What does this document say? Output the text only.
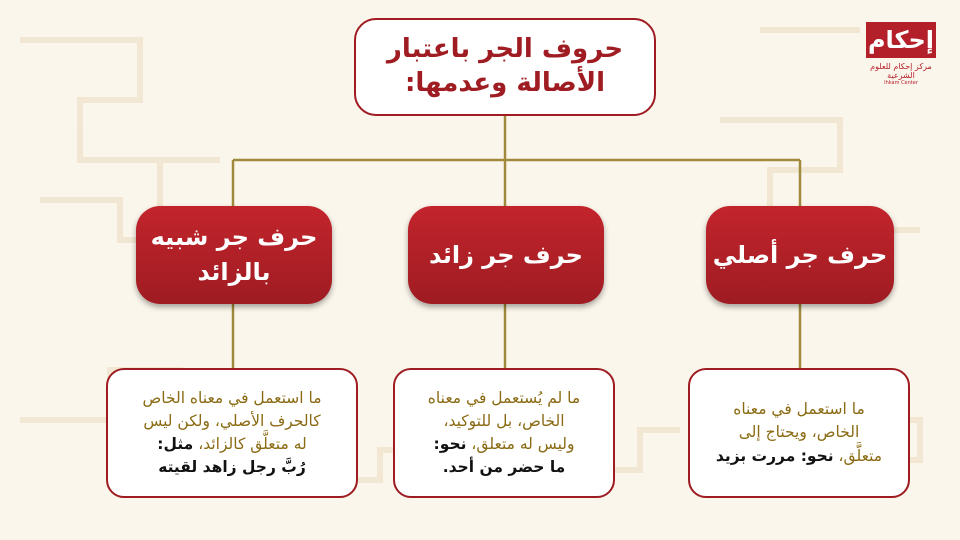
حروف الجر باعتبار
الأصالة وعدمها:
حرف جر أصلي
حرف جر زائد
حرف جر شبيه
بالزائد
ما استعمل في معناه
الخاص، ويحتاج إلى
متعلَّق، نحو: مررت بزيد
ما لم يُستعمل في معناه
الخاص، بل للتوكيد،
وليس له متعلق، نحو:
ما حضر من أحد.
ما استعمل في معناه الخاص
كالحرف الأصلي، ولكن ليس
له متعلَّق كالزائد، مثل:
رُبَّ رجل زاهد لقيته
إحكام
مركز إحكام للعلوم الشرعية
Ihkam Center
